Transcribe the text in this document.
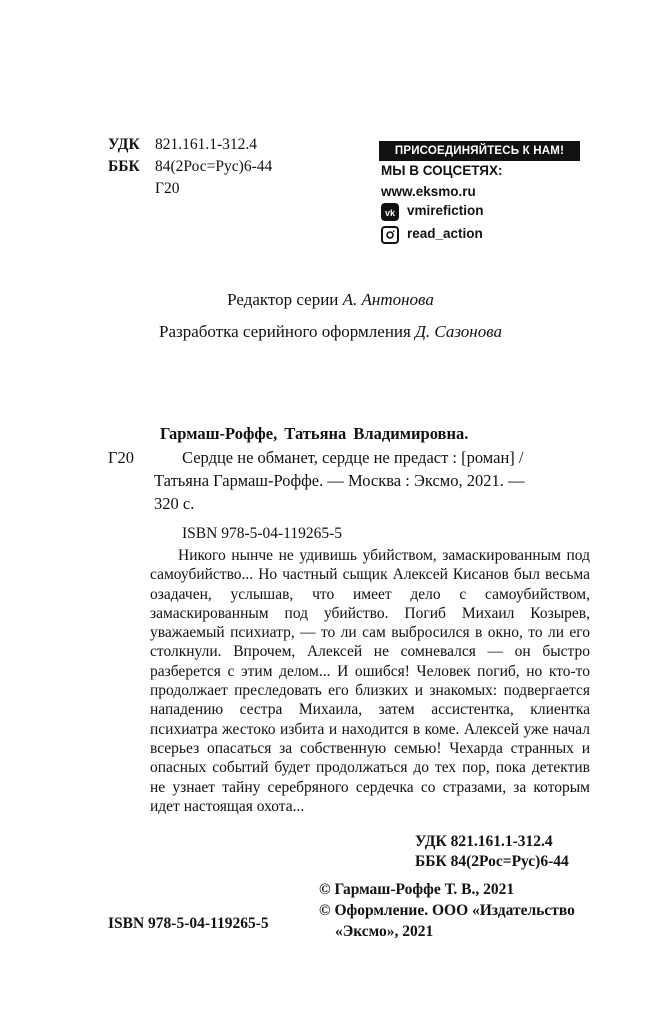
УДК 821.161.1-312.4
ББК 84(2Рос=Рус)6-44
Г20
ПРИСОЕДИНЯЙТЕСЬ К НАМ!
МЫ В СОЦСЕТЯХ:
www.eksmo.ru
vk vmirefiction
read_action
Редактор серии А. Антонова
Разработка серийного оформления Д. Сазонова
Гармаш-Роффе, Татьяна Владимировна.
Г20	Сердце не обманет, сердце не предаст : [роман] /
Татьяна Гармаш-Роффе. — Москва : Эксмо, 2021. —
320 с.
ISBN 978-5-04-119265-5
Никого нынче не удивишь убийством, замаскированным под самоубийство... Но частный сыщик Алексей Кисанов был весьма озадачен, услышав, что имеет дело с самоубийством, замаскированным под убийство. Погиб Михаил Козырев, уважаемый психиатр, — то ли сам выбросился в окно, то ли его столкнули. Впрочем, Алексей не сомневался — он быстро разберется с этим делом... И ошибся! Человек погиб, но кто-то продолжает преследовать его близких и знакомых: подвергается нападению сестра Михаила, затем ассистентка, клиентка психиатра жестоко избита и находится в коме. Алексей уже начал всерьез опасаться за собственную семью! Чехарда странных и опасных событий будет продолжаться до тех пор, пока детектив не узнает тайну серебряного сердечка со стразами, за которым идет настоящая охота...
УДК 821.161.1-312.4
ББК 84(2Рос=Рус)6-44
© Гармаш-Роффе Т. В., 2021
© Оформление. ООО «Издательство
«Эксмо», 2021
ISBN 978-5-04-119265-5
